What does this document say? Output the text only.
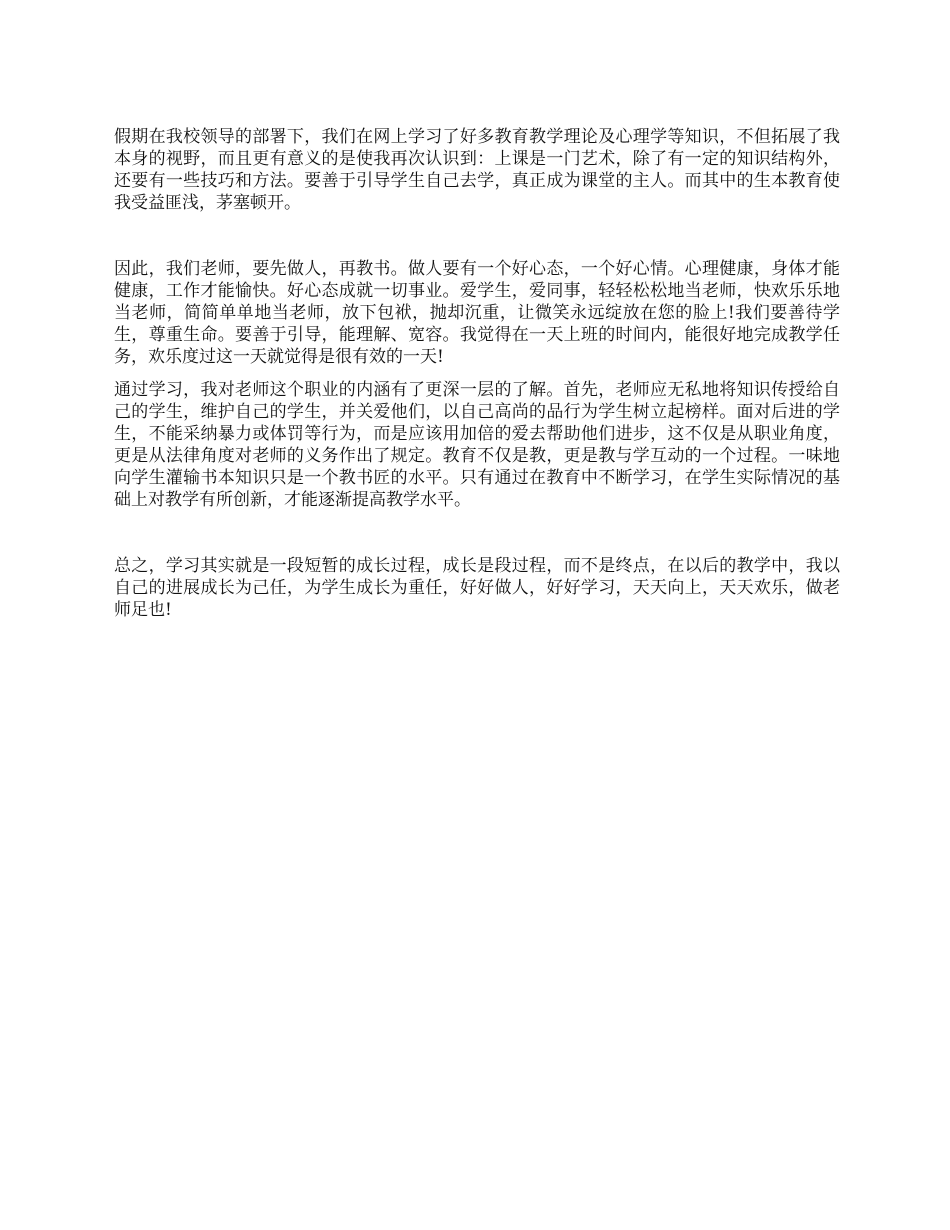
假期在我校领导的部署下，我们在网上学习了好多教育教学理论及心理学等知识，不但拓展了我本身的视野，而且更有意义的是使我再次认识到：上课是一门艺术，除了有一定的知识结构外，还要有一些技巧和方法。要善于引导学生自己去学，真正成为课堂的主人。而其中的生本教育使我受益匪浅，茅塞顿开。

因此，我们老师，要先做人，再教书。做人要有一个好心态，一个好心情。心理健康，身体才能健康，工作才能愉快。好心态成就一切事业。爱学生，爱同事，轻轻松松地当老师，快欢乐乐地当老师，简简单单地当老师，放下包袱，抛却沉重，让微笑永远绽放在您的脸上!我们要善待学生，尊重生命。要善于引导，能理解、宽容。我觉得在一天上班的时间内，能很好地完成教学任务，欢乐度过这一天就觉得是很有效的一天!

通过学习，我对老师这个职业的内涵有了更深一层的了解。首先，老师应无私地将知识传授给自己的学生，维护自己的学生，并关爱他们，以自己高尚的品行为学生树立起榜样。面对后进的学生，不能采纳暴力或体罚等行为，而是应该用加倍的爱去帮助他们进步，这不仅是从职业角度，更是从法律角度对老师的义务作出了规定。教育不仅是教，更是教与学互动的一个过程。一味地向学生灌输书本知识只是一个教书匠的水平。只有通过在教育中不断学习，在学生实际情况的基础上对教学有所创新，才能逐渐提高教学水平。

总之，学习其实就是一段短暂的成长过程，成长是段过程，而不是终点，在以后的教学中，我以自己的进展成长为己任，为学生成长为重任，好好做人，好好学习，天天向上，天天欢乐，做老师足也!
